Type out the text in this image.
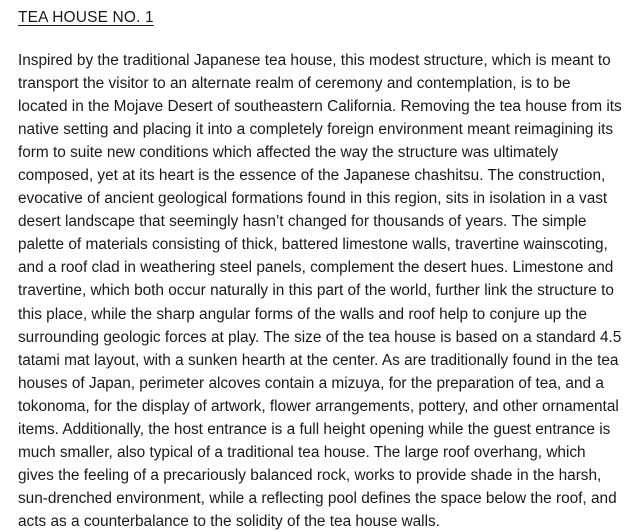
TEA HOUSE NO. 1

Inspired by the traditional Japanese tea house, this modest structure, which is meant to transport the visitor to an alternate realm of ceremony and contemplation, is to be located in the Mojave Desert of southeastern California. Removing the tea house from its native setting and placing it into a completely foreign environment meant reimagining its form to suite new conditions which affected the way the structure was ultimately composed, yet at its heart is the essence of the Japanese chashitsu. The construction, evocative of ancient geological formations found in this region, sits in isolation in a vast desert landscape that seemingly hasn’t changed for thousands of years. The simple palette of materials consisting of thick, battered limestone walls, travertine wainscoting, and a roof clad in weathering steel panels, complement the desert hues. Limestone and travertine, which both occur naturally in this part of the world, further link the structure to this place, while the sharp angular forms of the walls and roof help to conjure up the surrounding geologic forces at play. The size of the tea house is based on a standard 4.5 tatami mat layout, with a sunken hearth at the center. As are traditionally found in the tea houses of Japan, perimeter alcoves contain a mizuya, for the preparation of tea, and a tokonoma, for the display of artwork, flower arrangements, pottery, and other ornamental items. Additionally, the host entrance is a full height opening while the guest entrance is much smaller, also typical of a traditional tea house. The large roof overhang, which gives the feeling of a precariously balanced rock, works to provide shade in the harsh, sun-drenched environment, while a reflecting pool defines the space below the roof, and acts as a counterbalance to the solidity of the tea house walls.
